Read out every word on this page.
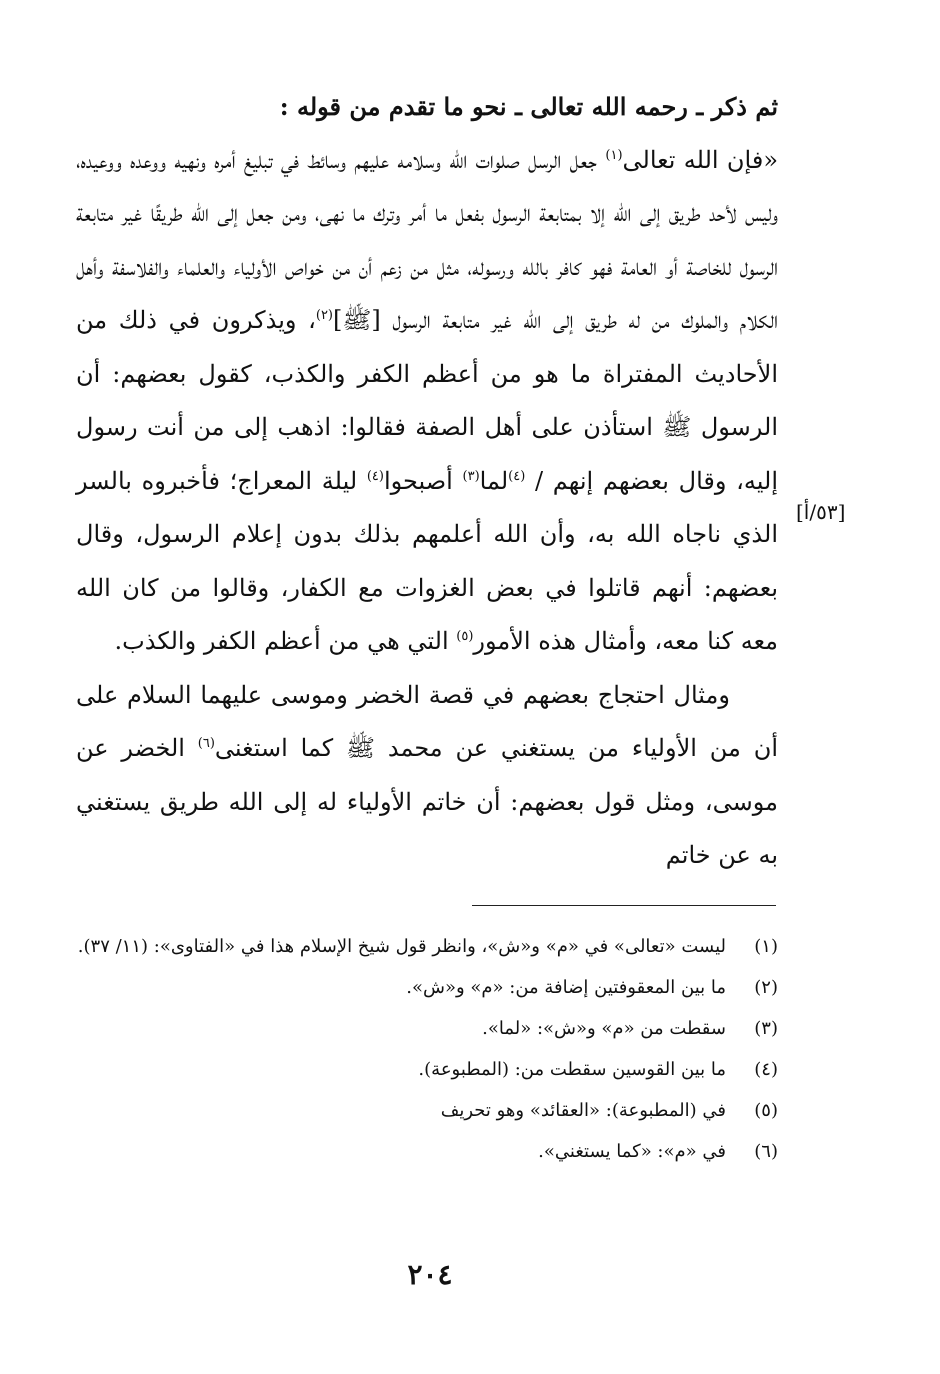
ثم ذكر ـ رحمه الله تعالى ـ نحو ما تقدم من قوله :

«فإن الله تعالى$^{(١)}$ جعل الرسل صلوات الله وسلامه عليهم وسائط في تبليغ أمره ونهيه ووعده ووعيده، وليس لأحد طريق إلى الله إلا بمتابعة الرسول بفعل ما أمر وترك ما نهى، ومن جعل إلى الله طريقًا غير متابعة الرسول للخاصة أو العامة فهو كافر بالله ورسوله، مثل من زعم أن من خواص الأولياء والعلماء والفلاسفة وأهل الكلام والملوك من له طريق إلى الله غير متابعة الرسول [ﷺ]$^{(٢)}$، ويذكرون في ذلك من الأحاديث المفتراة ما هو من أعظم الكفر والكذب، كقول بعضهم: أن الرسول ﷺ استأذن على أهل الصفة فقالوا: اذهب إلى من أنت رسول إليه، وقال بعضهم إنهم / $^{(٤)}$لما$^{(٣)}$ أصبحوا$^{(٤)}$ ليلة المعراج؛ فأخبروه بالسر الذي ناجاه الله به، وأن الله أعلمهم بذلك بدون إعلام الرسول، وقال بعضهم: أنهم قاتلوا في بعض الغزوات مع الكفار، وقالوا من كان الله معه كنا معه، وأمثال هذه الأمور$^{(٥)}$ التي هي من أعظم الكفر والكذب.

ومثال احتجاج بعضهم في قصة الخضر وموسى عليهما السلام على أن من الأولياء من يستغني عن محمد ﷺ كما استغنى$^{(٦)}$ الخضر عن موسى، ومثل قول بعضهم: أن خاتم الأولياء له إلى الله طريق يستغني به عن خاتم

[٥٣/أ]
(١)
ليست «تعالى» في «م» و«ش»، وانظر قول شيخ الإسلام هذا في «الفتاوى»: (١١/ ٣٧).
(٢)
ما بين المعقوفتين إضافة من: «م» و«ش».
(٣)
سقطت من «م» و«ش»: «لما».
(٤)
ما بين القوسين سقطت من: (المطبوعة).
(٥)
في (المطبوعة): «العقائد» وهو تحريف
(٦)
في «م»: «كما يستغني».
٢٠٤
